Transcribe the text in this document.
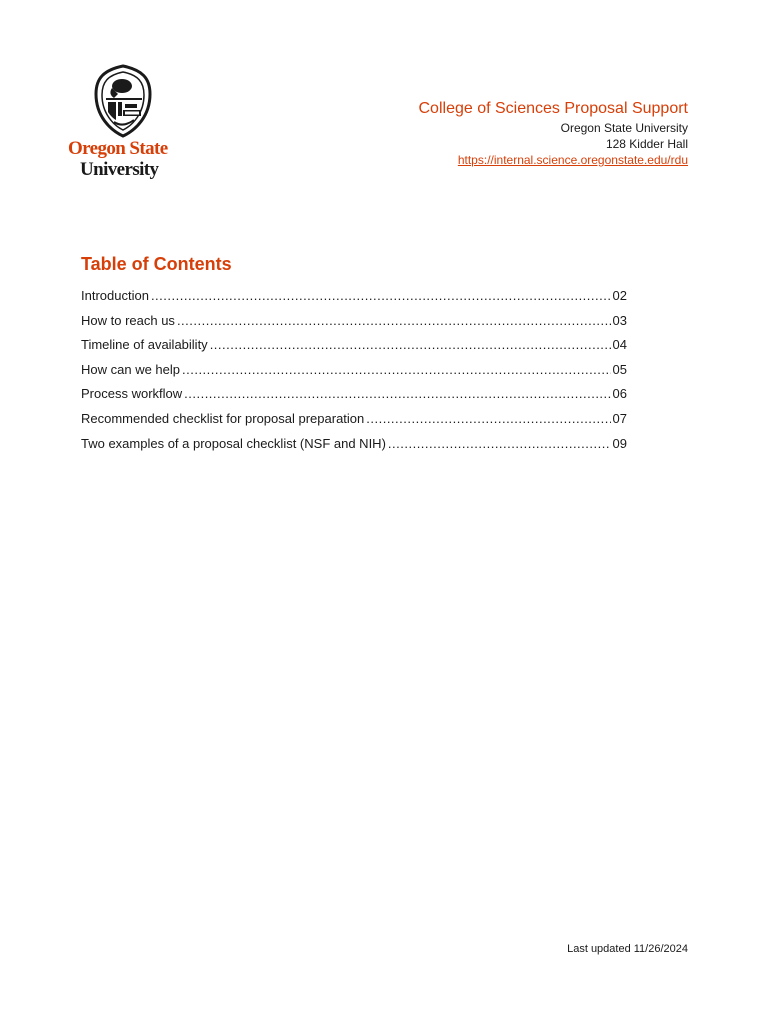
Oregon State
University
College of Sciences Proposal Support
Oregon State University
128 Kidder Hall
https://internal.science.oregonstate.edu/rdu
Table of Contents
Introduction .....	02
How to reach us .....	03
Timeline of availability .....	04
How can we help .....	05
Process workflow .....	06
Recommended checklist for proposal preparation .....	07
Two examples of a proposal checklist (NSF and NIH) .....	09
Last updated 11/26/2024
